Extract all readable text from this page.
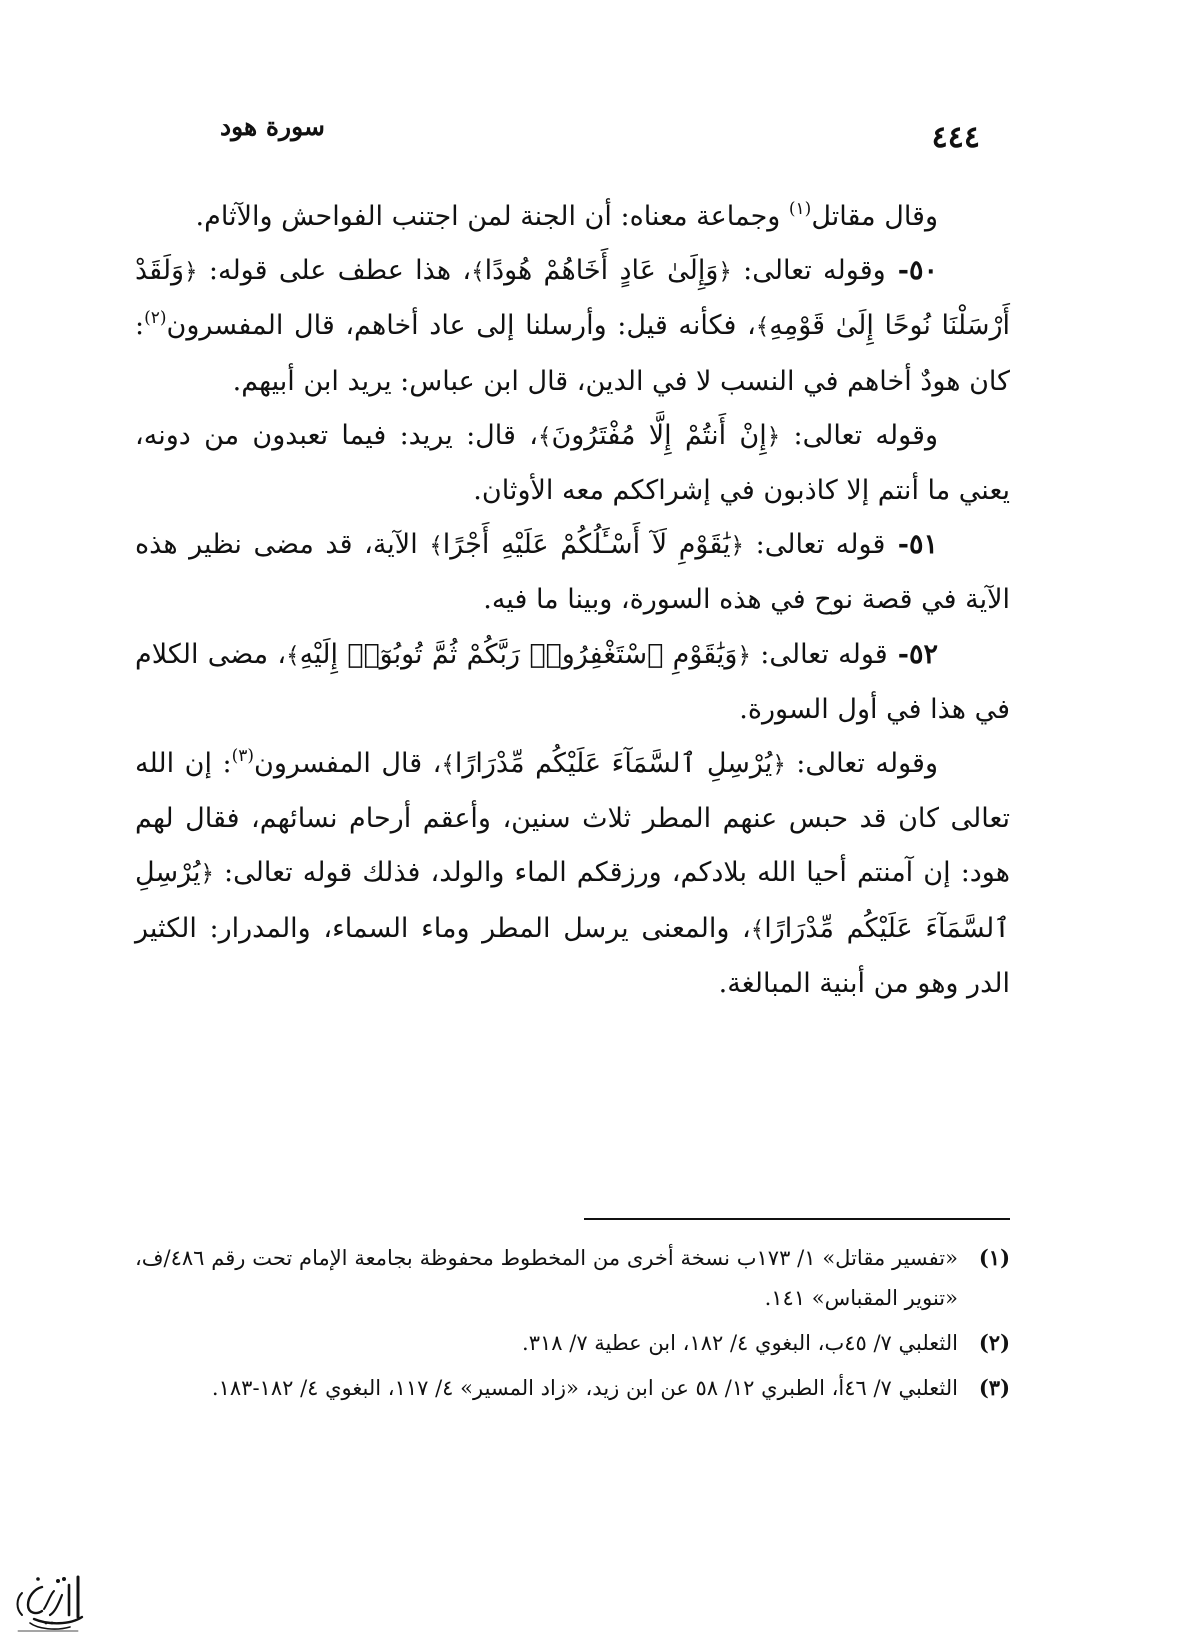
٤٤٤
سورة هود

وقال مقاتل$^{(١)}$ وجماعة معناه: أن الجنة لمن اجتنب الفواحش والآثام.

٥٠- وقوله تعالى: ﴿وَإِلَىٰ عَادٍ أَخَاهُمْ هُودًا﴾، هذا عطف على قوله: ﴿وَلَقَدْ أَرْسَلْنَا نُوحًا إِلَىٰ قَوْمِهِ﴾، فكأنه قيل: وأرسلنا إلى عاد أخاهم، قال المفسرون$^{(٢)}$: كان هودٌ أخاهم في النسب لا في الدين، قال ابن عباس: يريد ابن أبيهم.

وقوله تعالى: ﴿إِنْ أَنتُمْ إِلَّا مُفْتَرُونَ﴾، قال: يريد: فيما تعبدون من دونه، يعني ما أنتم إلا كاذبون في إشراككم معه الأوثان.

٥١- قوله تعالى: ﴿يَٰقَوْمِ لَآ أَسْـَٔلُكُمْ عَلَيْهِ أَجْرًا﴾ الآية، قد مضى نظير هذه الآية في قصة نوح في هذه السورة، وبينا ما فيه.

٥٢- قوله تعالى: ﴿وَيَٰقَوْمِ ٱسْتَغْفِرُوا۟ رَبَّكُمْ ثُمَّ تُوبُوٓا۟ إِلَيْهِ﴾، مضى الكلام في هذا في أول السورة.

وقوله تعالى: ﴿يُرْسِلِ ٱلسَّمَآءَ عَلَيْكُم مِّدْرَارًا﴾، قال المفسرون$^{(٣)}$: إن الله تعالى كان قد حبس عنهم المطر ثلاث سنين، وأعقم أرحام نسائهم، فقال لهم هود: إن آمنتم أحيا الله بلادكم، ورزقكم الماء والولد، فذلك قوله تعالى: ﴿يُرْسِلِ ٱلسَّمَآءَ عَلَيْكُم مِّدْرَارًا﴾، والمعنى يرسل المطر وماء السماء، والمدرار: الكثير الدر وهو من أبنية المبالغة.

(١)
«تفسير مقاتل» ١/ ١٧٣ب نسخة أخرى من المخطوط محفوظة بجامعة الإمام تحت رقم ٤٨٦/ف، «تنوير المقباس» ١٤١.
(٢)
الثعلبي ٧/ ٤٥ب، البغوي ٤/ ١٨٢، ابن عطية ٧/ ٣١٨.
(٣)
الثعلبي ٧/ ٤٦أ، الطبري ١٢/ ٥٨ عن ابن زيد، «زاد المسير» ٤/ ١١٧، البغوي ٤/ ١٨٢-١٨٣.
